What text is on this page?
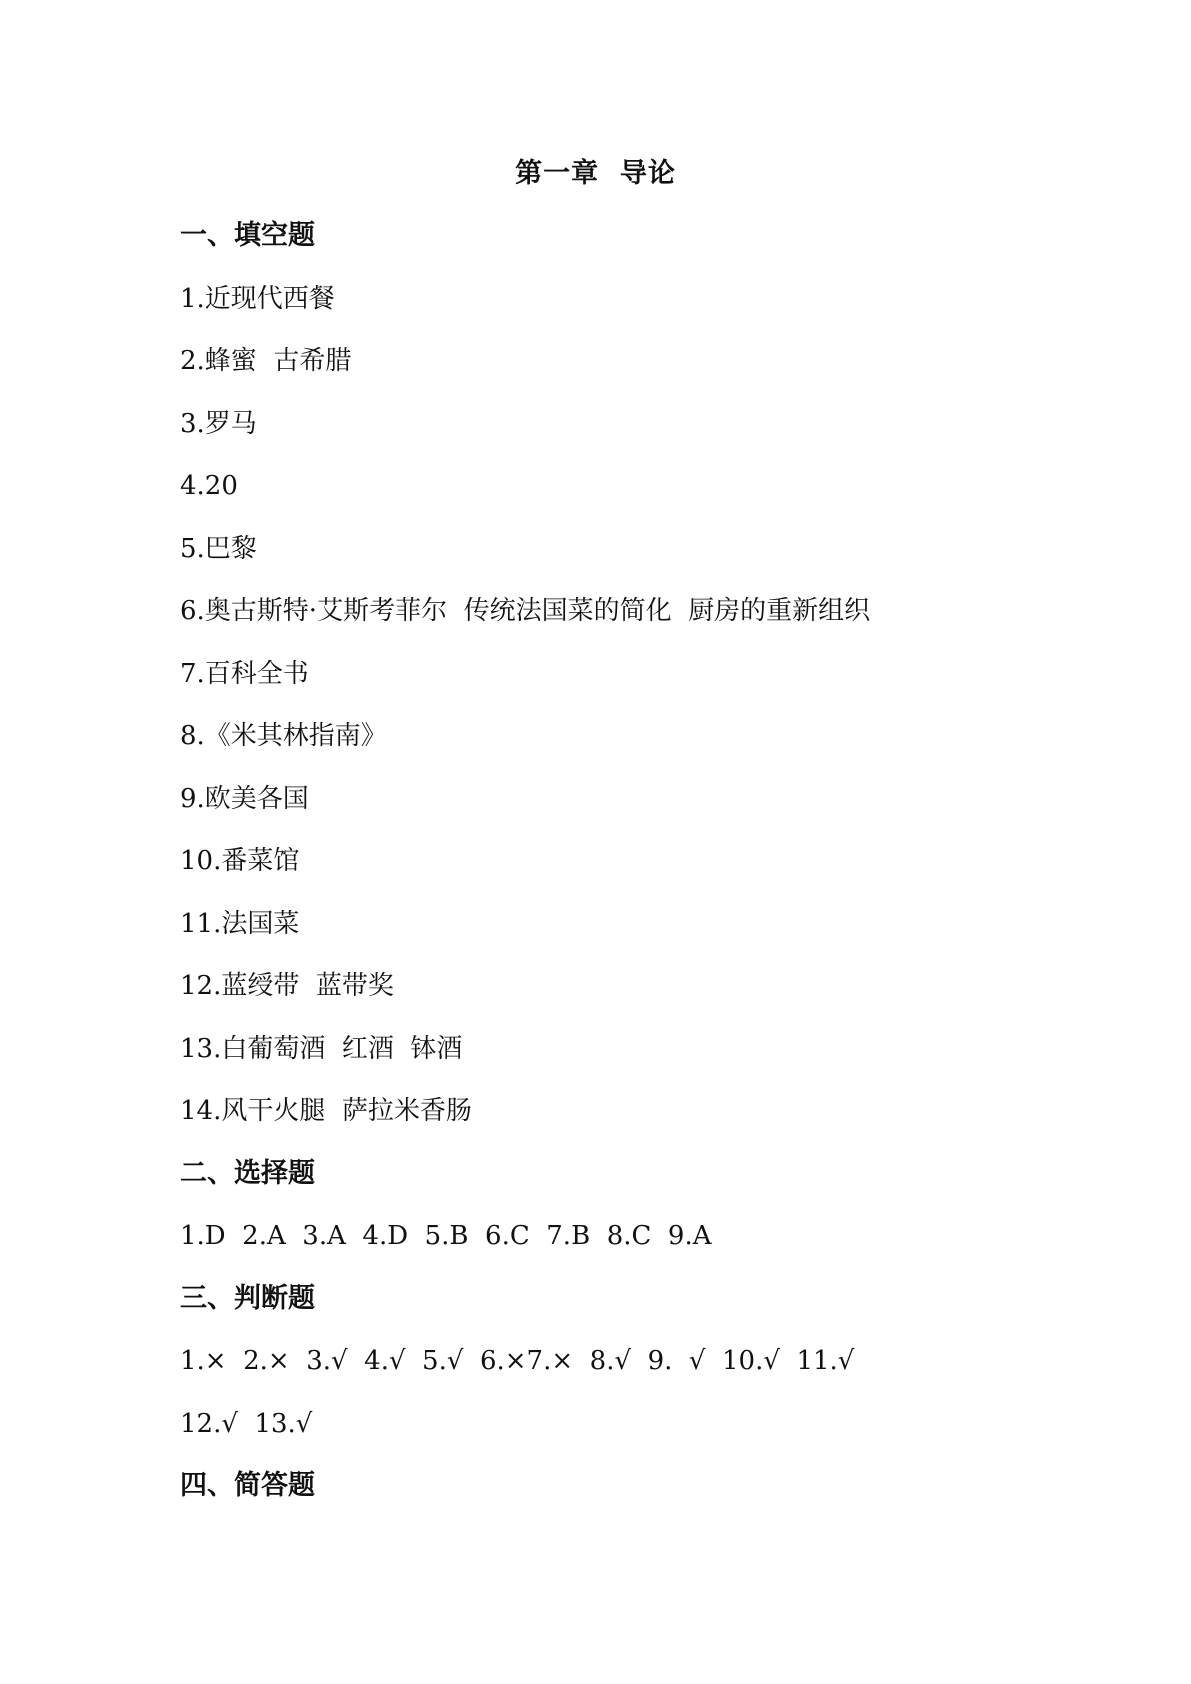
第一章  导论
一、填空题
1.近现代西餐
2.蜂蜜  古希腊
3.罗马
4.20
5.巴黎
6.奥古斯特·艾斯考菲尔  传统法国菜的简化  厨房的重新组织
7.百科全书
8.《米其林指南》
9.欧美各国
10.番菜馆
11.法国菜
12.蓝绶带  蓝带奖
13.白葡萄酒  红酒  钵酒
14.风干火腿  萨拉米香肠
二、选择题
1.D  2.A  3.A  4.D  5.B  6.C  7.B  8.C  9.A
三、判断题
1.×  2.×  3.√  4.√  5.√  6.×7.×  8.√  9.  √  10.√  11.√
12.√  13.√
四、简答题
